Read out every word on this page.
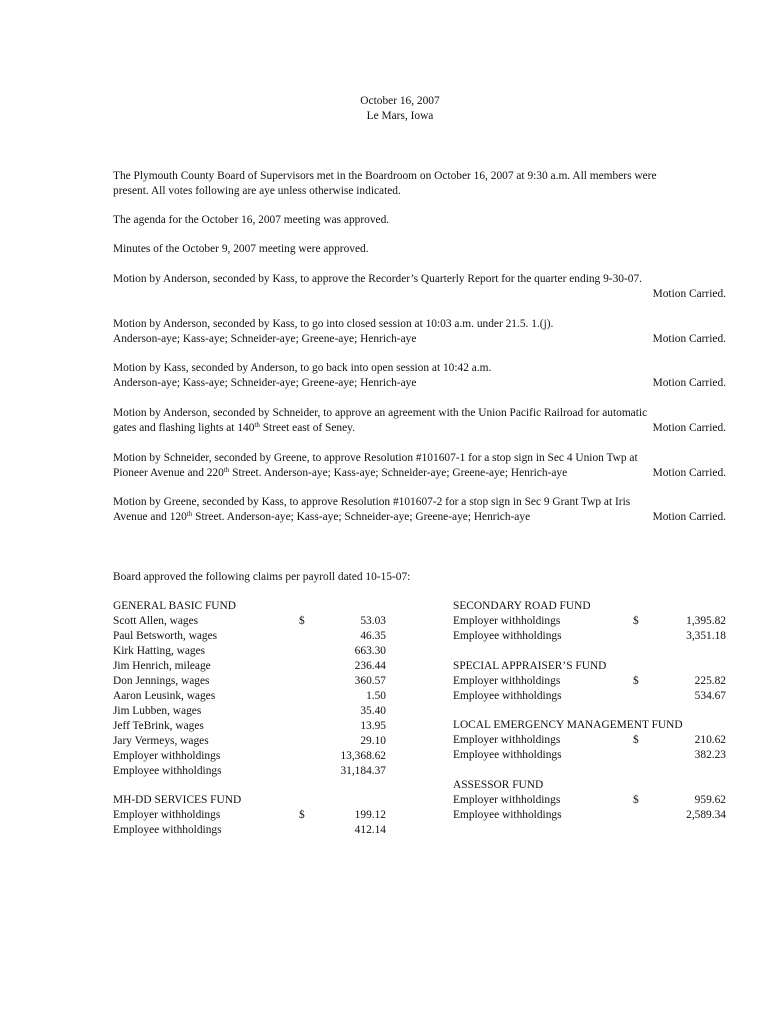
October 16, 2007
Le Mars, Iowa
The Plymouth County Board of Supervisors met in the Boardroom on October 16, 2007 at 9:30 a.m. All members were
present. All votes following are aye unless otherwise indicated.
The agenda for the October 16, 2007 meeting was approved.
Minutes of the October 9, 2007 meeting were approved.
Motion by Anderson, seconded by Kass, to approve the Recorder’s Quarterly Report for the quarter ending 9-30-07.
Motion Carried.
Motion by Anderson, seconded by Kass, to go into closed session at 10:03 a.m. under 21.5. 1.(j).
Anderson-aye; Kass-aye; Schneider-aye; Greene-aye; Henrich-aye	Motion Carried.
Motion by Kass, seconded by Anderson, to go back into open session at 10:42 a.m.
Anderson-aye; Kass-aye; Schneider-aye; Greene-aye; Henrich-aye	Motion Carried.
Motion by Anderson, seconded by Schneider, to approve an agreement with the Union Pacific Railroad for automatic
gates and flashing lights at 140th Street east of Seney.	Motion Carried.
Motion by Schneider, seconded by Greene, to approve Resolution #101607-1 for a stop sign in Sec 4 Union Twp at
Pioneer Avenue and 220th Street. Anderson-aye; Kass-aye; Schneider-aye; Greene-aye; Henrich-aye	Motion Carried.
Motion by Greene, seconded by Kass, to approve Resolution #101607-2 for a stop sign in Sec 9 Grant Twp at Iris
Avenue and 120th Street. Anderson-aye; Kass-aye; Schneider-aye; Greene-aye; Henrich-aye	Motion Carried.
Board approved the following claims per payroll dated 10-15-07:
GENERAL BASIC FUND
Scott Allen, wages	$	53.03
Paul Betsworth, wages	46.35
Kirk Hatting, wages	663.30
Jim Henrich, mileage	236.44
Don Jennings, wages	360.57
Aaron Leusink, wages	1.50
Jim Lubben, wages	35.40
Jeff TeBrink, wages	13.95
Jary Vermeys, wages	29.10
Employer withholdings	13,368.62
Employee withholdings	31,184.37
MH-DD SERVICES FUND
Employer withholdings	$	199.12
Employee withholdings	412.14
SECONDARY ROAD FUND
Employer withholdings	$	1,395.82
Employee withholdings	3,351.18
SPECIAL APPRAISER’S FUND
Employer withholdings	$	225.82
Employee withholdings	534.67
LOCAL EMERGENCY MANAGEMENT FUND
Employer withholdings	$	210.62
Employee withholdings	382.23
ASSESSOR FUND
Employer withholdings	$	959.62
Employee withholdings	2,589.34
